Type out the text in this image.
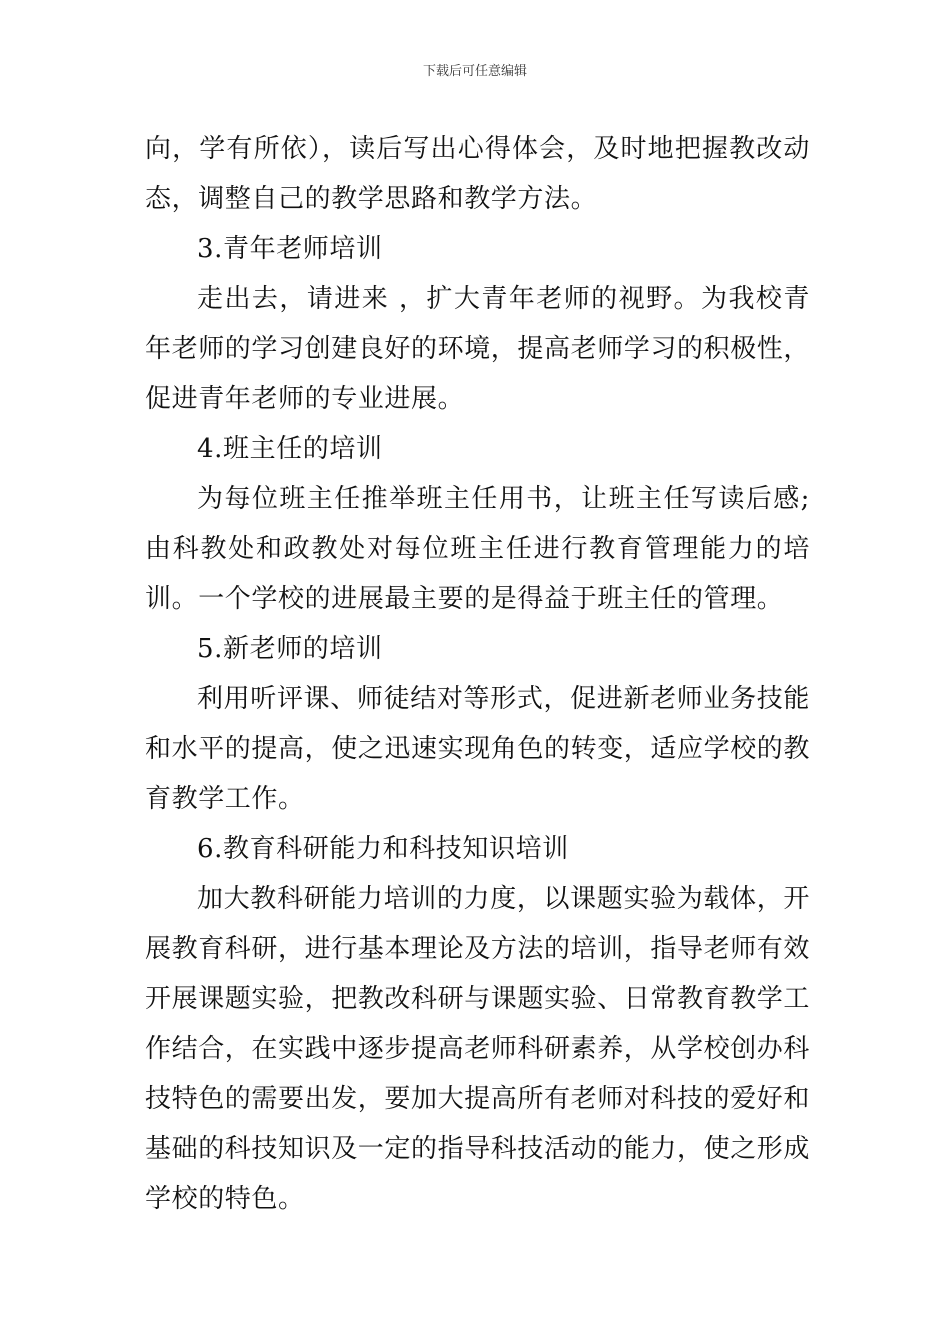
下载后可任意编辑

向，学有所依），读后写出心得体会，及时地把握教改动态，调整自己的教学思路和教学方法。

3.青年老师培训

走出去，请进来 ，扩大青年老师的视野。为我校青年老师的学习创建良好的环境，提高老师学习的积极性，促进青年老师的专业进展。

4.班主任的培训

为每位班主任推举班主任用书，让班主任写读后感;由科教处和政教处对每位班主任进行教育管理能力的培训。一个学校的进展最主要的是得益于班主任的管理。

5.新老师的培训

利用听评课、师徒结对等形式，促进新老师业务技能和水平的提高，使之迅速实现角色的转变，适应学校的教育教学工作。

6.教育科研能力和科技知识培训

加大教科研能力培训的力度，以课题实验为载体，开展教育科研，进行基本理论及方法的培训，指导老师有效开展课题实验，把教改科研与课题实验、日常教育教学工作结合，在实践中逐步提高老师科研素养，从学校创办科技特色的需要出发，要加大提高所有老师对科技的爱好和基础的科技知识及一定的指导科技活动的能力，使之形成学校的特色。
